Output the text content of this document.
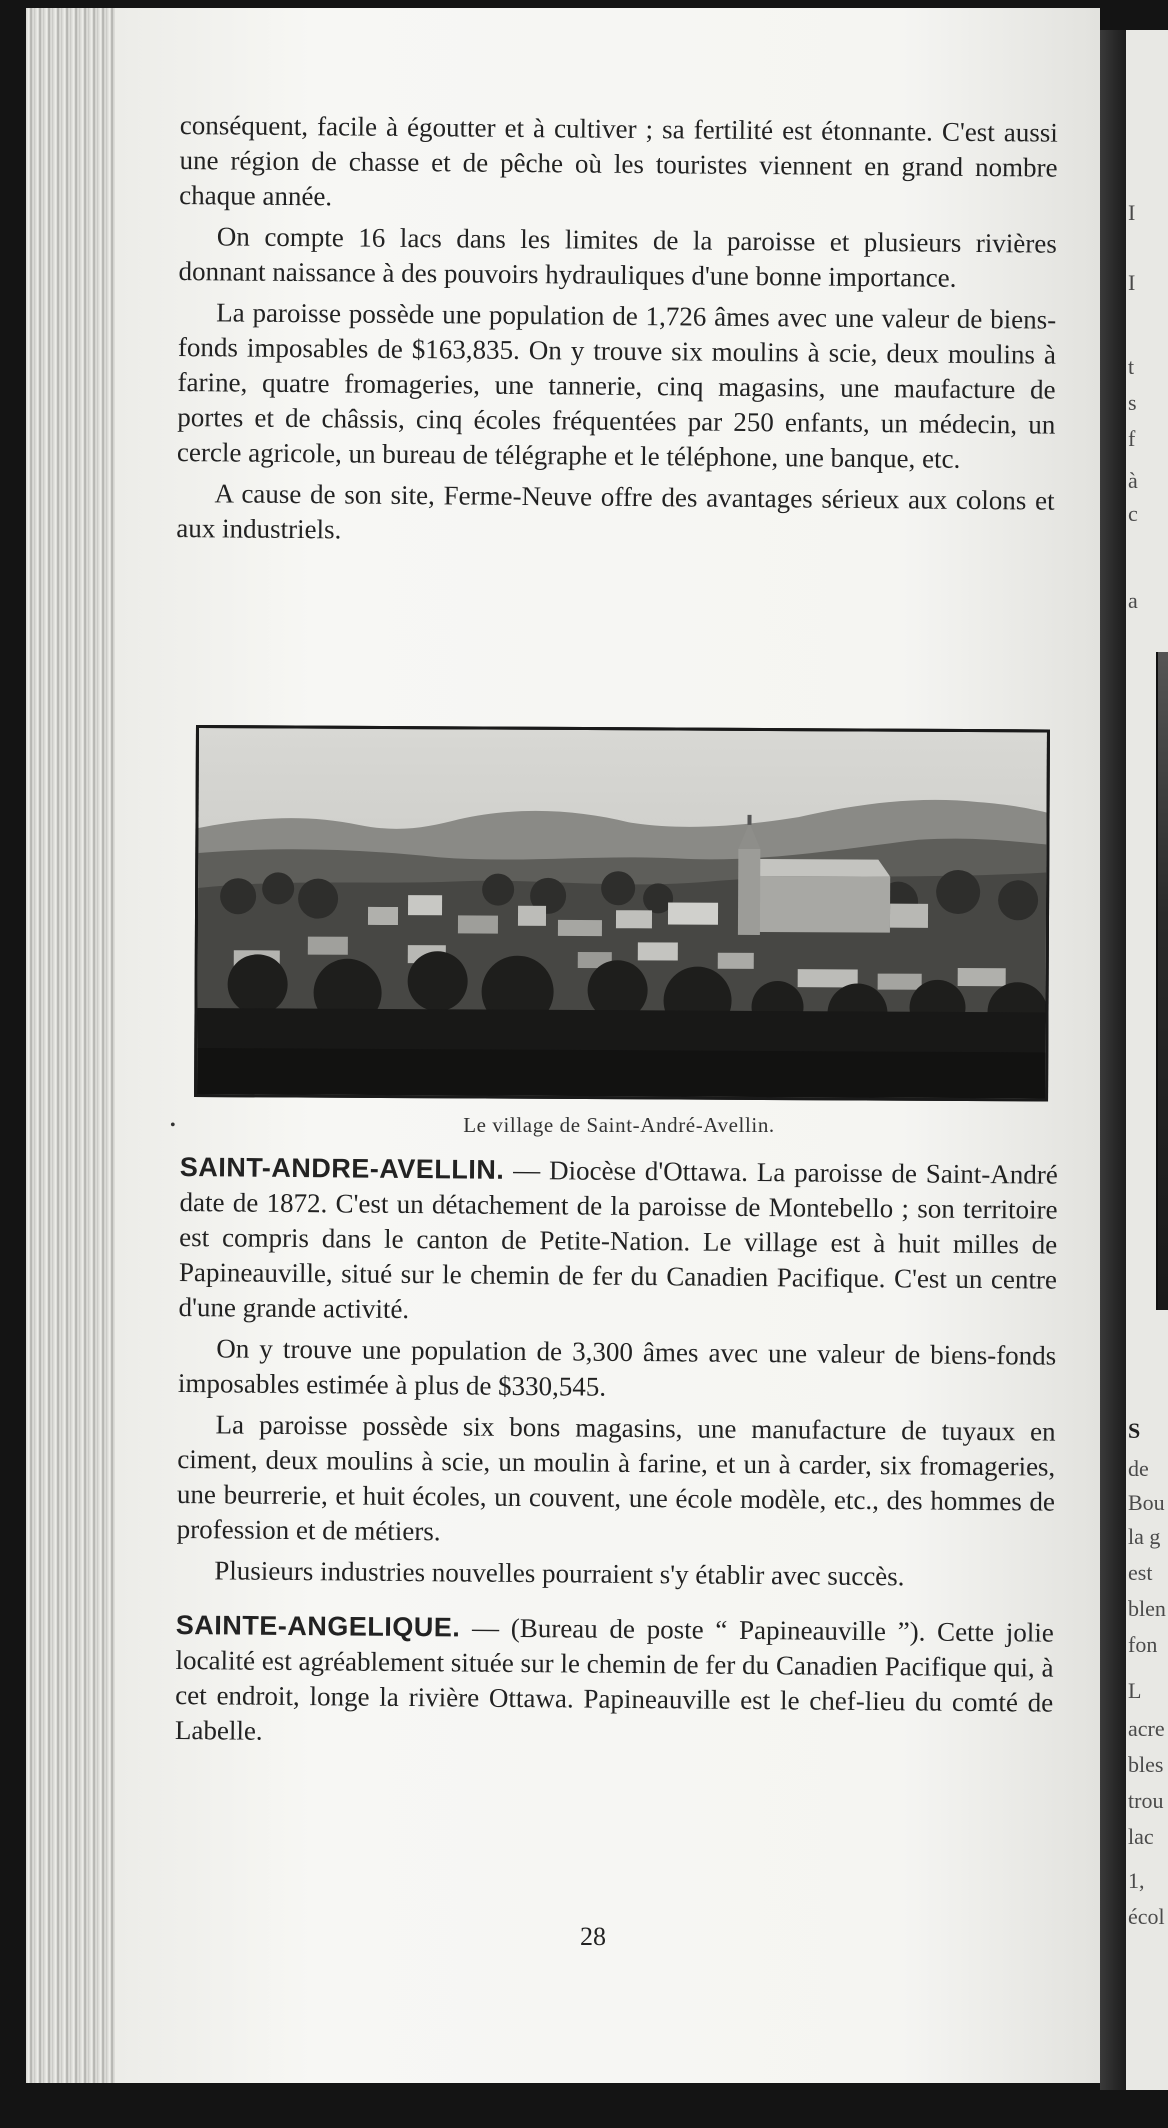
I
I
t
s
f
à
c
a
S
de
Bou
la g
est
blen
fon
L
acre
bles
trou
lac
1,
écol

conséquent, facile à égoutter et à cultiver ; sa fertilité est étonnante. C'est aussi une région de chasse et de pêche où les touristes viennent en grand nombre chaque année.

On compte 16 lacs dans les limites de la paroisse et plusieurs rivières donnant naissance à des pouvoirs hydrauliques d'une bonne importance.

La paroisse possède une population de 1,726 âmes avec une valeur de biens-fonds imposables de $163,835. On y trouve six moulins à scie, deux moulins à farine, quatre fromageries, une tannerie, cinq magasins, une maufacture de portes et de châssis, cinq écoles fréquentées par 250 enfants, un médecin, un cercle agricole, un bureau de télégraphe et le téléphone, une banque, etc.

A cause de son site, Ferme-Neuve offre des avantages sérieux aux colons et aux industriels.

•	Le village de Saint-André-Avellin.

SAINT-ANDRE-AVELLIN. — Diocèse d'Ottawa. La paroisse de Saint-André date de 1872. C'est un détachement de la paroisse de Montebello ; son territoire est compris dans le canton de Petite-Nation. Le village est à huit milles de Papineauville, situé sur le chemin de fer du Canadien Pacifique. C'est un centre d'une grande activité.

On y trouve une population de 3,300 âmes avec une valeur de biens-fonds imposables estimée à plus de $330,545.

La paroisse possède six bons magasins, une manufacture de tuyaux en ciment, deux moulins à scie, un moulin à farine, et un à carder, six fromageries, une beurrerie, et huit écoles, un couvent, une école modèle, etc., des hommes de profession et de métiers.

Plusieurs industries nouvelles pourraient s'y établir avec succès.

SAINTE-ANGELIQUE. — (Bureau de poste “ Papineauville ”). Cette jolie localité est agréablement située sur le chemin de fer du Canadien Pacifique qui, à cet endroit, longe la rivière Ottawa. Papineauville est le chef-lieu du comté de Labelle.

28
